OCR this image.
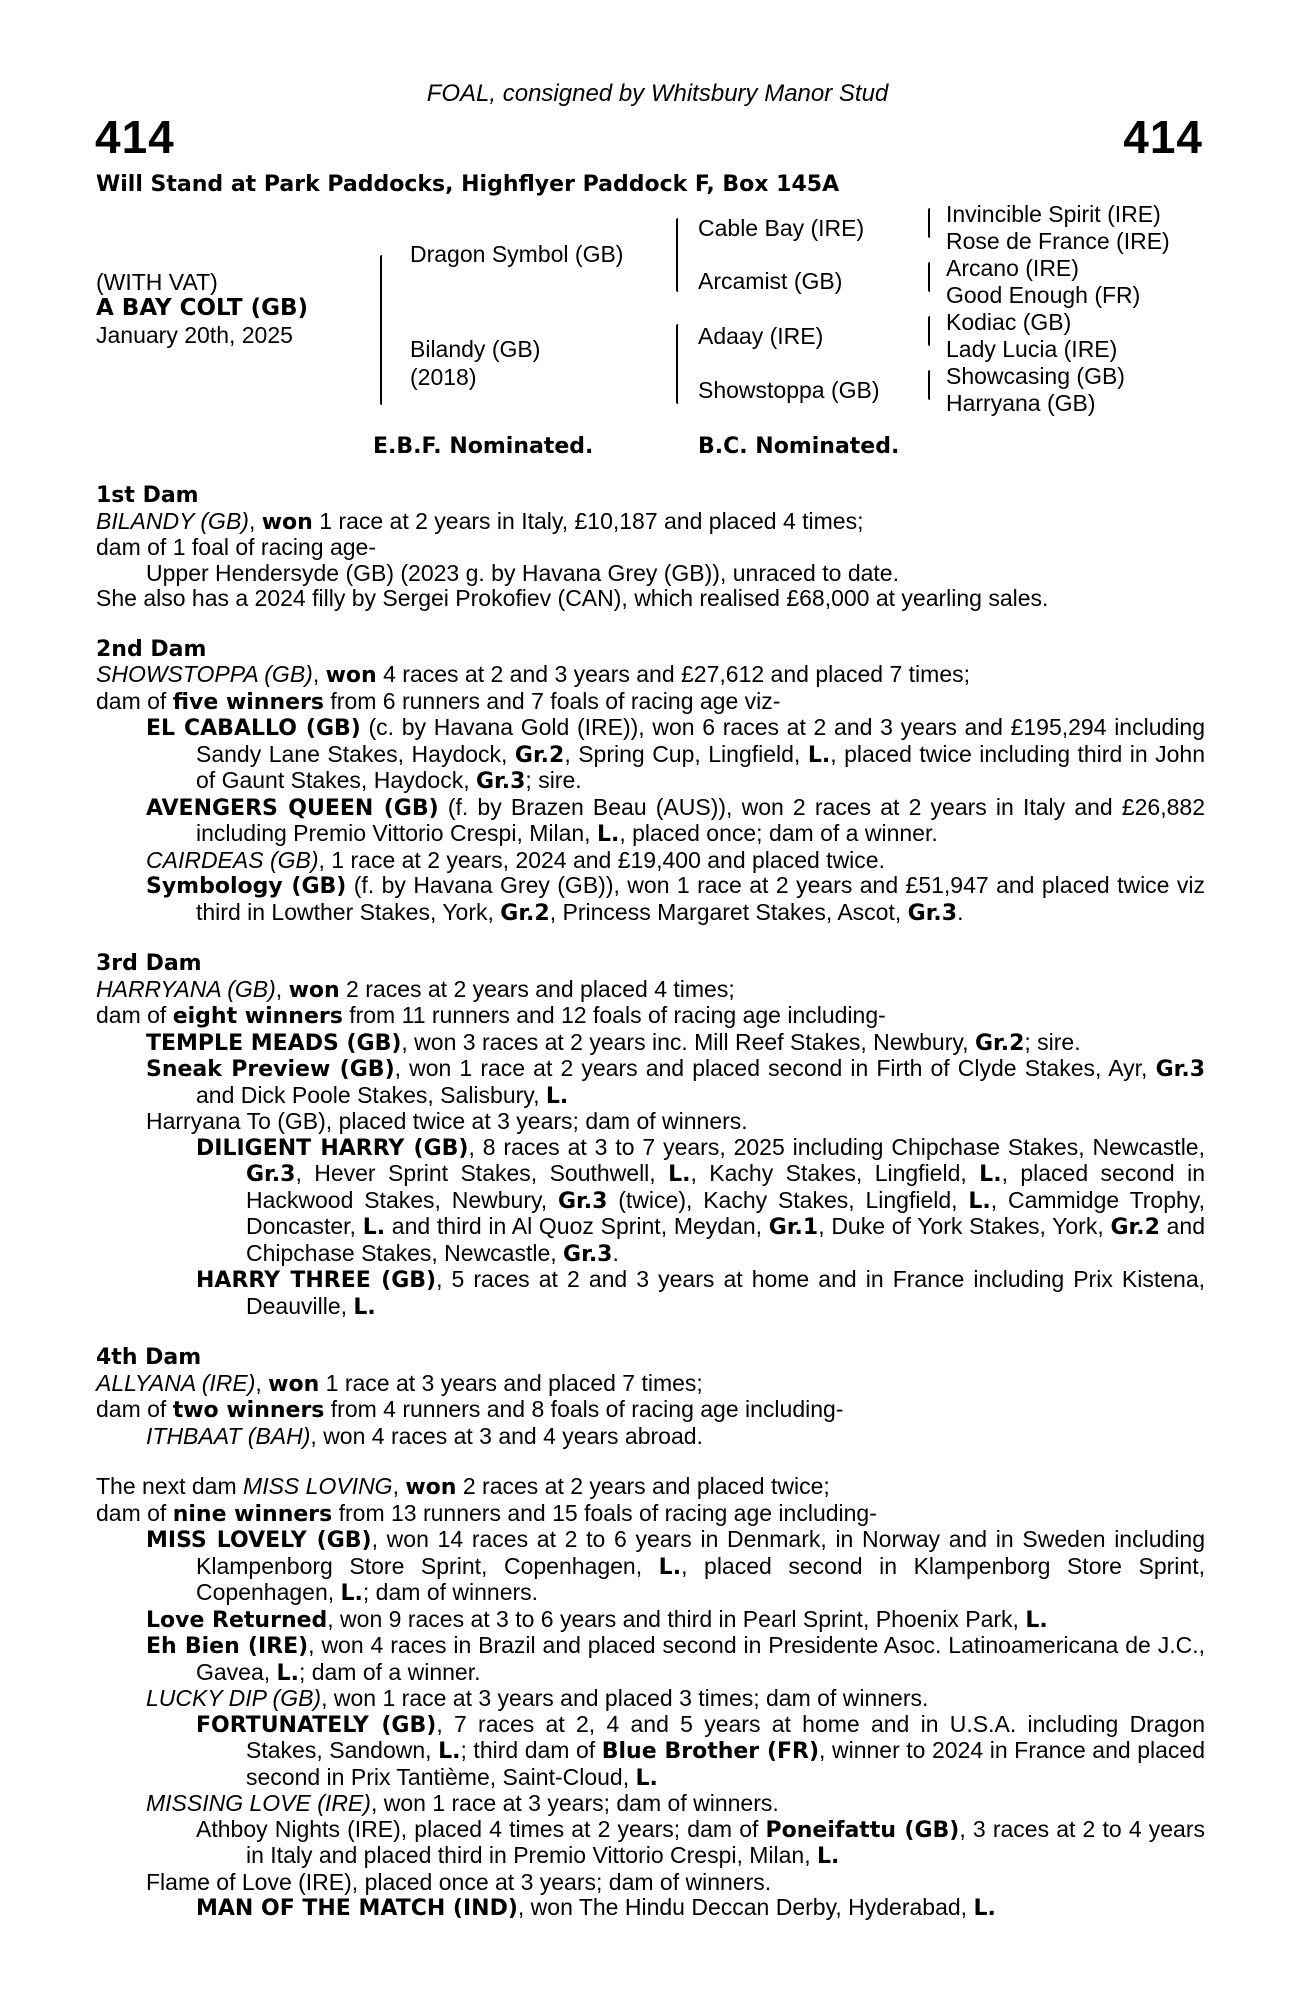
FOAL, consigned by Whitsbury Manor Stud
414	414
Will Stand at Park Paddocks, Highflyer Paddock F, Box 145A
(WITH VAT)
A BAY COLT (GB)
January 20th, 2025
Dragon Symbol (GB)
Bilandy (GB)
(2018)
Cable Bay (IRE)
Arcamist (GB)
Adaay (IRE)
Showstoppa (GB)
Invincible Spirit (IRE)
Rose de France (IRE)
Arcano (IRE)
Good Enough (FR)
Kodiac (GB)
Lady Lucia (IRE)
Showcasing (GB)
Harryana (GB)
E.B.F. Nominated.	B.C. Nominated.

1st Dam

BILANDY (GB), won 1 race at 2 years in Italy, £10,187 and placed 4 times;

dam of 1 foal of racing age-

Upper Hendersyde (GB) (2023 g. by Havana Grey (GB)), unraced to date.

She also has a 2024 filly by Sergei Prokofiev (CAN), which realised £68,000 at yearling sales.

2nd Dam

SHOWSTOPPA (GB), won 4 races at 2 and 3 years and £27,612 and placed 7 times;

dam of five winners from 6 runners and 7 foals of racing age viz-

EL CABALLO (GB) (c. by Havana Gold (IRE)), won 6 races at 2 and 3 years and £195,294 including Sandy Lane Stakes, Haydock, Gr.2, Spring Cup, Lingfield, L., placed twice including third in John of Gaunt Stakes, Haydock, Gr.3; sire.

AVENGERS QUEEN (GB) (f. by Brazen Beau (AUS)), won 2 races at 2 years in Italy and £26,882 including Premio Vittorio Crespi, Milan, L., placed once; dam of a winner.

CAIRDEAS (GB), 1 race at 2 years, 2024 and £19,400 and placed twice.

Symbology (GB) (f. by Havana Grey (GB)), won 1 race at 2 years and £51,947 and placed twice viz third in Lowther Stakes, York, Gr.2, Princess Margaret Stakes, Ascot, Gr.3.

3rd Dam

HARRYANA (GB), won 2 races at 2 years and placed 4 times;

dam of eight winners from 11 runners and 12 foals of racing age including-

TEMPLE MEADS (GB), won 3 races at 2 years inc. Mill Reef Stakes, Newbury, Gr.2; sire.

Sneak Preview (GB), won 1 race at 2 years and placed second in Firth of Clyde Stakes, Ayr, Gr.3 and Dick Poole Stakes, Salisbury, L.

Harryana To (GB), placed twice at 3 years; dam of winners.

DILIGENT HARRY (GB), 8 races at 3 to 7 years, 2025 including Chipchase Stakes, Newcastle, Gr.3, Hever Sprint Stakes, Southwell, L., Kachy Stakes, Lingfield, L., placed second in Hackwood Stakes, Newbury, Gr.3 (twice), Kachy Stakes, Lingfield, L., Cammidge Trophy, Doncaster, L. and third in Al Quoz Sprint, Meydan, Gr.1, Duke of York Stakes, York, Gr.2 and Chipchase Stakes, Newcastle, Gr.3.

HARRY THREE (GB), 5 races at 2 and 3 years at home and in France including Prix Kistena, Deauville, L.

4th Dam

ALLYANA (IRE), won 1 race at 3 years and placed 7 times;

dam of two winners from 4 runners and 8 foals of racing age including-

ITHBAAT (BAH), won 4 races at 3 and 4 years abroad.

The next dam MISS LOVING, won 2 races at 2 years and placed twice;

dam of nine winners from 13 runners and 15 foals of racing age including-

MISS LOVELY (GB), won 14 races at 2 to 6 years in Denmark, in Norway and in Sweden including Klampenborg Store Sprint, Copenhagen, L., placed second in Klampenborg Store Sprint, Copenhagen, L.; dam of winners.

Love Returned, won 9 races at 3 to 6 years and third in Pearl Sprint, Phoenix Park, L.

Eh Bien (IRE), won 4 races in Brazil and placed second in Presidente Asoc. Latinoamericana de J.C., Gavea, L.; dam of a winner.

LUCKY DIP (GB), won 1 race at 3 years and placed 3 times; dam of winners.

FORTUNATELY (GB), 7 races at 2, 4 and 5 years at home and in U.S.A. including Dragon Stakes, Sandown, L.; third dam of Blue Brother (FR), winner to 2024 in France and placed second in Prix Tantième, Saint-Cloud, L.

MISSING LOVE (IRE), won 1 race at 3 years; dam of winners.

Athboy Nights (IRE), placed 4 times at 2 years; dam of Poneifattu (GB), 3 races at 2 to 4 years in Italy and placed third in Premio Vittorio Crespi, Milan, L.

Flame of Love (IRE), placed once at 3 years; dam of winners.

MAN OF THE MATCH (IND), won The Hindu Deccan Derby, Hyderabad, L.
